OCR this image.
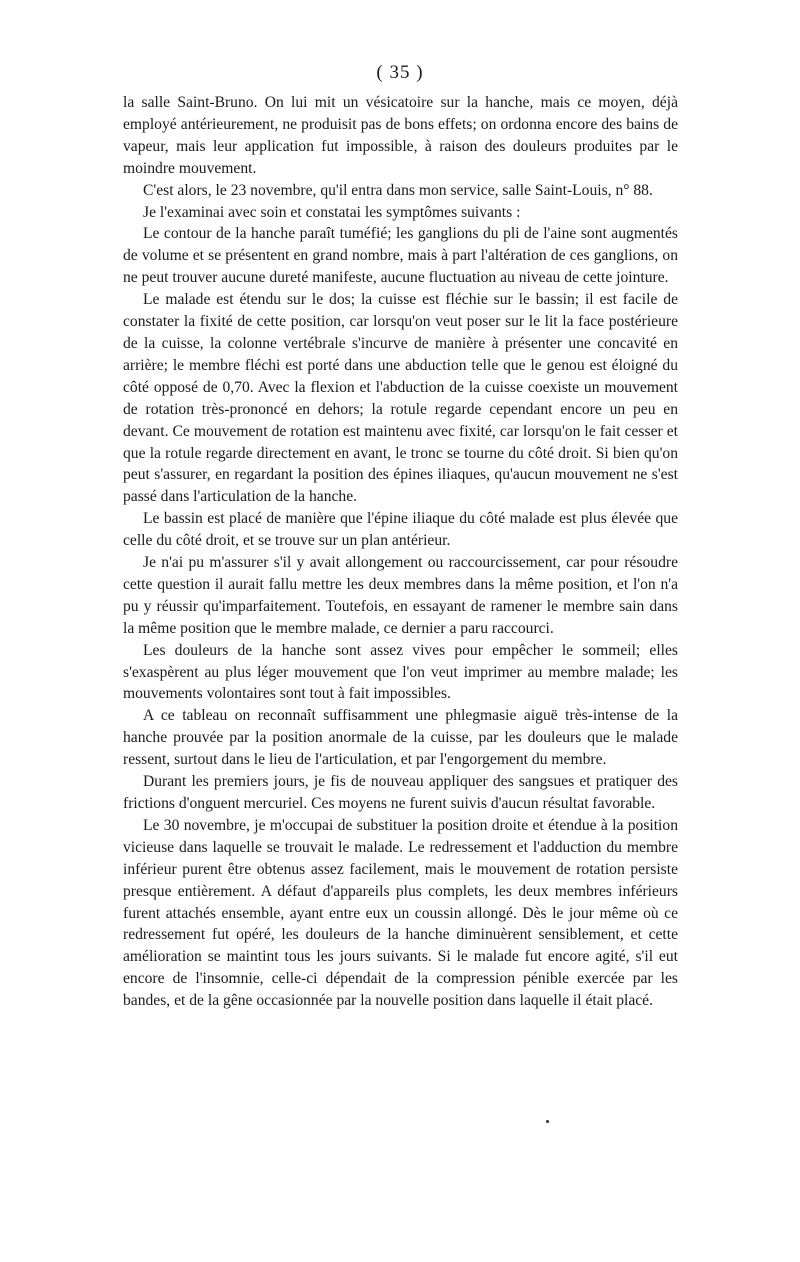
( 35 )

la salle Saint-Bruno. On lui mit un vésicatoire sur la hanche, mais ce moyen, déjà employé antérieurement, ne produisit pas de bons effets; on ordonna encore des bains de vapeur, mais leur application fut impossible, à raison des douleurs produites par le moindre mouvement.

C'est alors, le 23 novembre, qu'il entra dans mon service, salle Saint-Louis, n° 88.

Je l'examinai avec soin et constatai les symptômes suivants :

Le contour de la hanche paraît tuméfié; les ganglions du pli de l'aine sont augmentés de volume et se présentent en grand nombre, mais à part l'altération de ces ganglions, on ne peut trouver aucune dureté manifeste, aucune fluctuation au niveau de cette jointure.

Le malade est étendu sur le dos; la cuisse est fléchie sur le bassin; il est facile de constater la fixité de cette position, car lorsqu'on veut poser sur le lit la face postérieure de la cuisse, la colonne vertébrale s'incurve de manière à présenter une concavité en arrière; le membre fléchi est porté dans une abduction telle que le genou est éloigné du côté opposé de 0,70. Avec la flexion et l'abduction de la cuisse coexiste un mouvement de rotation très-prononcé en dehors; la rotule regarde cependant encore un peu en devant. Ce mouvement de rotation est maintenu avec fixité, car lorsqu'on le fait cesser et que la rotule regarde directement en avant, le tronc se tourne du côté droit. Si bien qu'on peut s'assurer, en regardant la position des épines iliaques, qu'aucun mouvement ne s'est passé dans l'articulation de la hanche.

Le bassin est placé de manière que l'épine iliaque du côté malade est plus élevée que celle du côté droit, et se trouve sur un plan antérieur.

Je n'ai pu m'assurer s'il y avait allongement ou raccourcissement, car pour résoudre cette question il aurait fallu mettre les deux membres dans la même position, et l'on n'a pu y réussir qu'imparfaitement. Toutefois, en essayant de ramener le membre sain dans la même position que le membre malade, ce dernier a paru raccourci.

Les douleurs de la hanche sont assez vives pour empêcher le sommeil; elles s'exaspèrent au plus léger mouvement que l'on veut imprimer au membre malade; les mouvements volontaires sont tout à fait impossibles.

A ce tableau on reconnaît suffisamment une phlegmasie aiguë très-intense de la hanche prouvée par la position anormale de la cuisse, par les douleurs que le malade ressent, surtout dans le lieu de l'articulation, et par l'engorgement du membre.

Durant les premiers jours, je fis de nouveau appliquer des sangsues et pratiquer des frictions d'onguent mercuriel. Ces moyens ne furent suivis d'aucun résultat favorable.

Le 30 novembre, je m'occupai de substituer la position droite et étendue à la position vicieuse dans laquelle se trouvait le malade. Le redressement et l'adduction du membre inférieur purent être obtenus assez facilement, mais le mouvement de rotation persiste presque entièrement. A défaut d'appareils plus complets, les deux membres inférieurs furent attachés ensemble, ayant entre eux un coussin allongé. Dès le jour même où ce redressement fut opéré, les douleurs de la hanche diminuèrent sensiblement, et cette amélioration se maintint tous les jours suivants. Si le malade fut encore agité, s'il eut encore de l'insomnie, celle-ci dépendait de la compression pénible exercée par les bandes, et de la gêne occasionnée par la nouvelle position dans laquelle il était placé.
